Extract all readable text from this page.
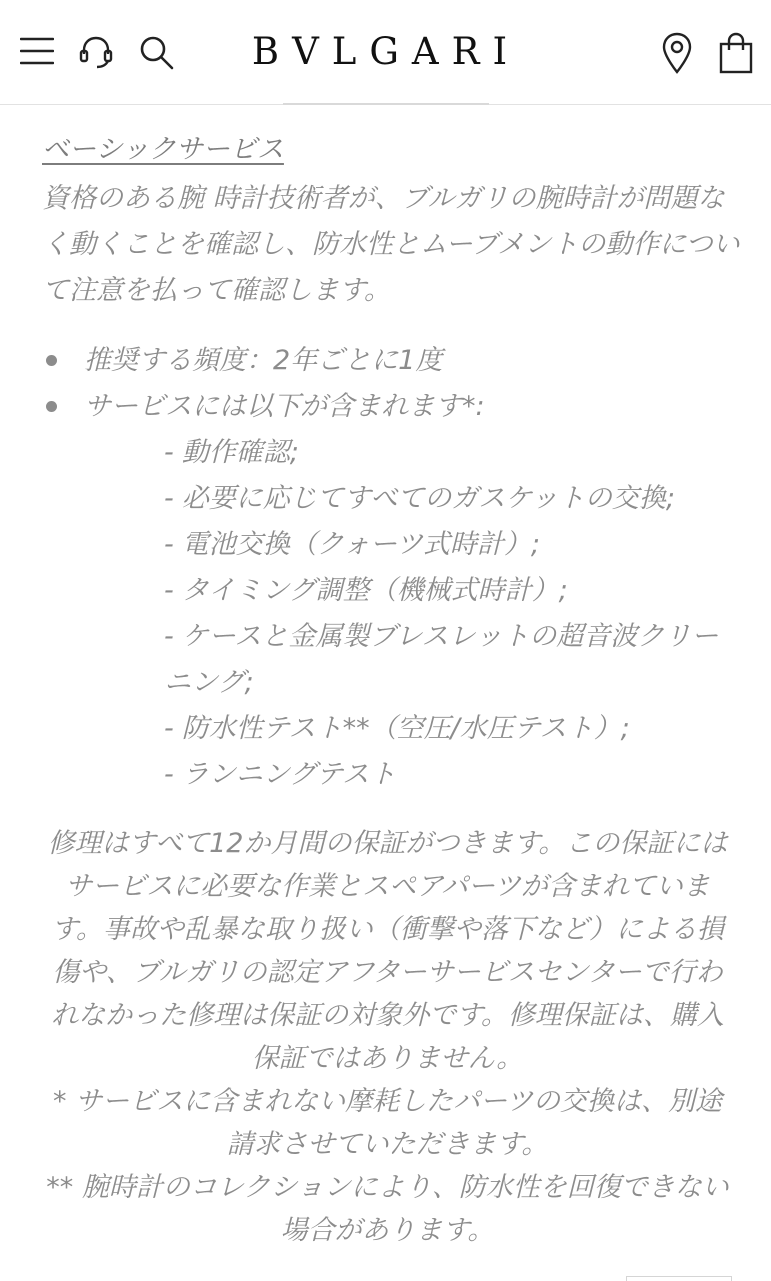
BVLGARI
ベーシックサービス
資格のある腕 時計技術者が、ブルガリの腕時計が問題なく動くことを確認し、防水性とムーブメントの動作について注意を払って確認します。
推奨する頻度：2年ごとに1度
サービスには以下が含まれます*:
- 動作確認;
- 必要に応じてすべてのガスケットの交換;
- 電池交換（クォーツ式時計）;
- タイミング調整（機械式時計）;
- ケースと金属製ブレスレットの超音波クリーニング;
- 防水性テスト**（空圧/水圧テスト）;
- ランニングテスト
修理はすべて12か月間の保証がつきます。この保証にはサービスに必要な作業とスペアパーツが含まれています。事故や乱暴な取り扱い（衝撃や落下など）による損傷や、ブルガリの認定アフターサービスセンターで行われなかった修理は保証の対象外です。修理保証は、購入保証ではありません。
* サービスに含まれない摩耗したパーツの交換は、別途請求させていただきます。
** 腕時計のコレクションにより、防水性を回復できない場合があります。
